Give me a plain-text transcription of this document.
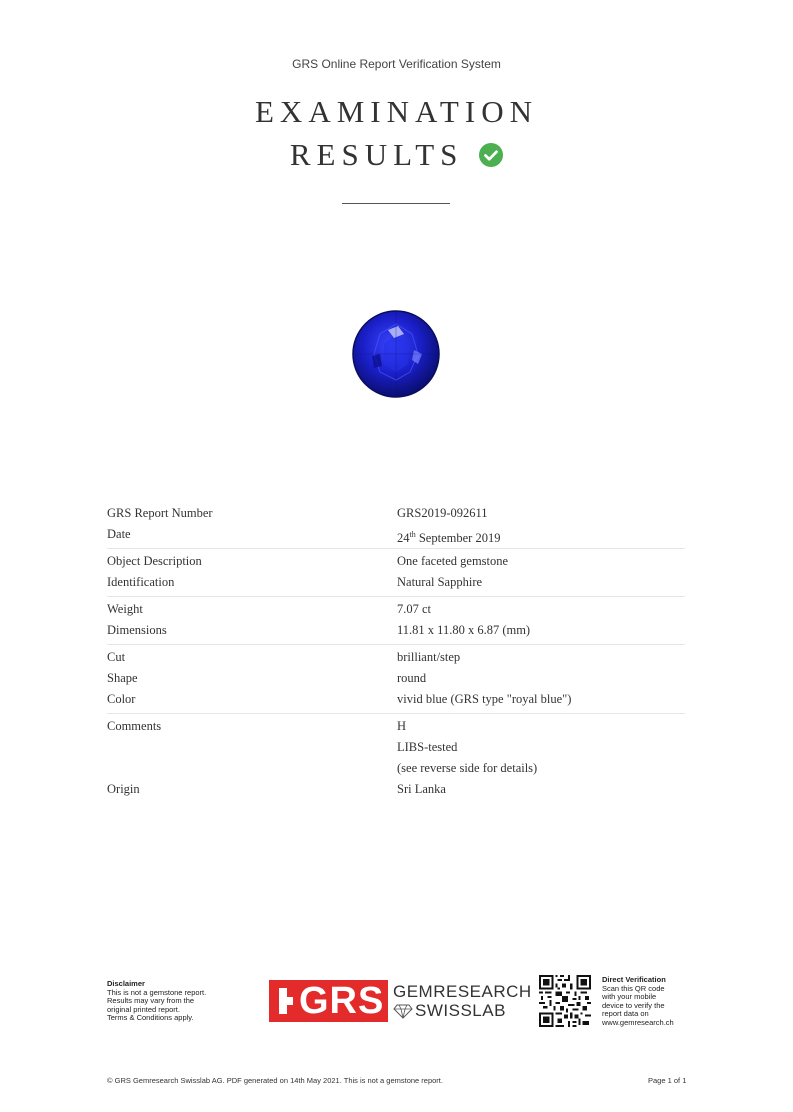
GRS Online Report Verification System
EXAMINATION
RESULTS
GRS Report Number	GRS2019-092611
Date	24th September 2019
Object Description	One faceted gemstone
Identification	Natural Sapphire
Weight	7.07 ct
Dimensions	11.81 x 11.80 x 6.87 (mm)
Cut	brilliant/step
Shape	round
Color	vivid blue (GRS type "royal blue")
Comments	H
LIBS-tested
(see reverse side for details)
Origin	Sri Lanka
Disclaimer
This is not a gemstone report.
Results may vary from the
original printed report.
Terms & Conditions apply.	GRS GEMRESEARCH
SWISSLAB
Direct Verification
Scan this QR code
with your mobile
device to verify the
report data on
www.gemresearch.ch
© GRS Gemresearch Swisslab AG. PDF generated on 14th May 2021. This is not a gemstone report.	Page 1 of 1
